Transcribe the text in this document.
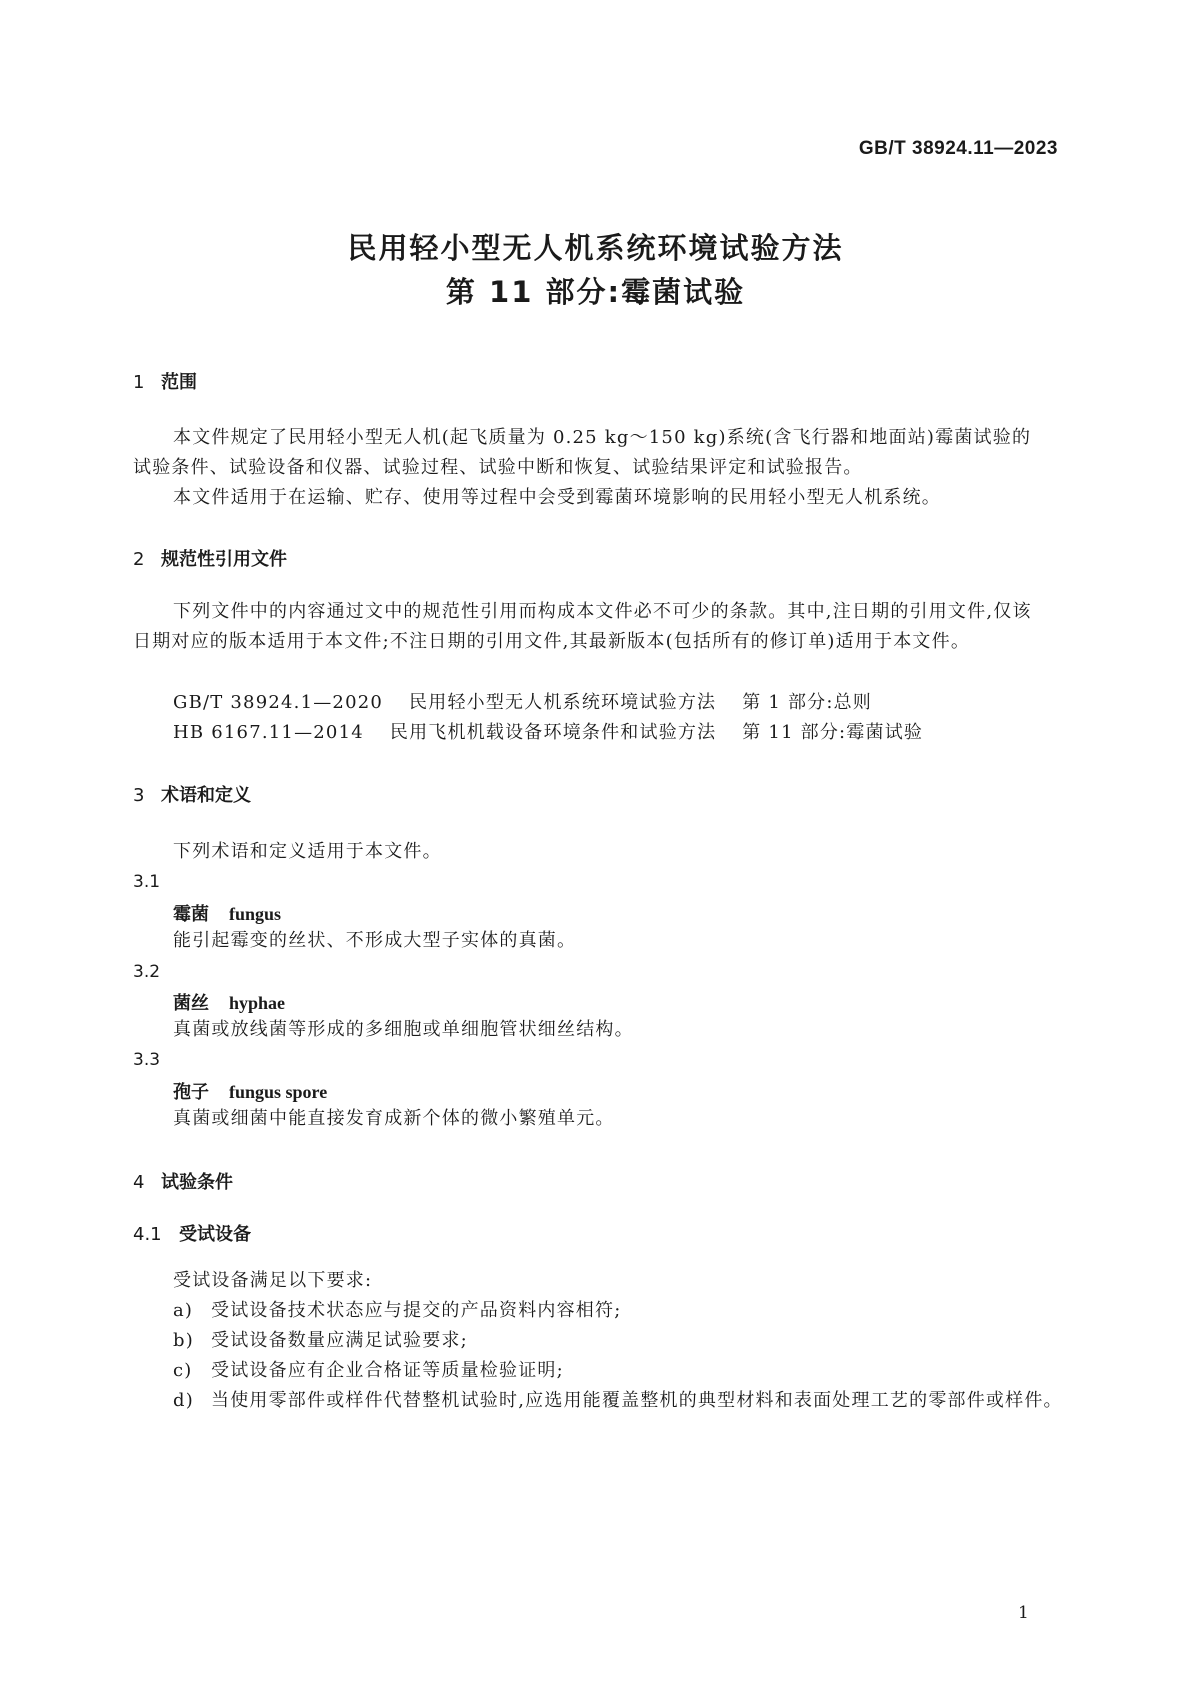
GB/T 38924.11—2023
民用轻小型无人机系统环境试验方法
第 11 部分:霉菌试验
1 范围

本文件规定了民用轻小型无人机(起飞质量为 0.25 kg～150 kg)系统(含飞行器和地面站)霉菌试验的试验条件、试验设备和仪器、试验过程、试验中断和恢复、试验结果评定和试验报告。

本文件适用于在运输、贮存、使用等过程中会受到霉菌环境影响的民用轻小型无人机系统。

2 规范性引用文件

下列文件中的内容通过文中的规范性引用而构成本文件必不可少的条款。其中,注日期的引用文件,仅该日期对应的版本适用于本文件;不注日期的引用文件,其最新版本(包括所有的修订单)适用于本文件。

GB/T 38924.1—2020 民用轻小型无人机系统环境试验方法 第 1 部分:总则
HB 6167.11—2014 民用飞机机载设备环境条件和试验方法 第 11 部分:霉菌试验
3 术语和定义

下列术语和定义适用于本文件。

3.1
霉菌 fungus

能引起霉变的丝状、不形成大型子实体的真菌。

3.2
菌丝 hyphae

真菌或放线菌等形成的多细胞或单细胞管状细丝结构。

3.3
孢子 fungus spore

真菌或细菌中能直接发育成新个体的微小繁殖单元。

4 试验条件
4.1 受试设备

受试设备满足以下要求:

a) 受试设备技术状态应与提交的产品资料内容相符;
b) 受试设备数量应满足试验要求;
c) 受试设备应有企业合格证等质量检验证明;
d) 当使用零部件或样件代替整机试验时,应选用能覆盖整机的典型材料和表面处理工艺的零部件或样件。
1
